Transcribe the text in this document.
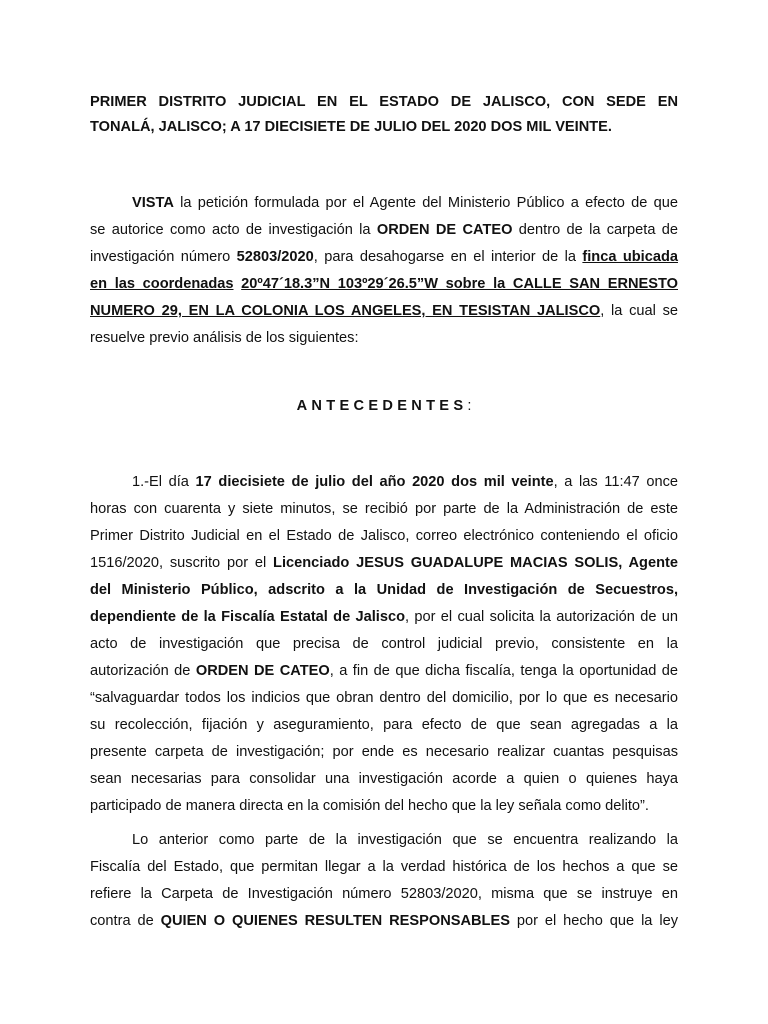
PRIMER DISTRITO JUDICIAL EN EL ESTADO DE JALISCO, CON SEDE EN
TONALÁ, JALISCO; A 17 DIECISIETE DE JULIO DEL 2020 DOS MIL VEINTE.
VISTA la petición formulada por el Agente del Ministerio Público a efecto de que
se autorice como acto de investigación la ORDEN DE CATEO dentro de la carpeta de
investigación número 52803/2020, para desahogarse en el interior de la finca ubicada
en las coordenadas 20º47´18.3”N 103º29´26.5”W sobre la CALLE SAN ERNESTO
NUMERO 29, EN LA COLONIA LOS ANGELES, EN TESISTAN JALISCO, la cual se
resuelve previo análisis de los siguientes:
ANTECEDENTES:
1.-El día 17 diecisiete de julio del año 2020 dos mil veinte, a las 11:47 once
horas con cuarenta y siete minutos, se recibió por parte de la Administración de este
Primer Distrito Judicial en el Estado de Jalisco, correo electrónico conteniendo el oficio
1516/2020, suscrito por el Licenciado JESUS GUADALUPE MACIAS SOLIS, Agente
del Ministerio Público, adscrito a la Unidad de Investigación de Secuestros,
dependiente de la Fiscalía Estatal de Jalisco, por el cual solicita la autorización de un
acto de investigación que precisa de control judicial previo, consistente en la
autorización de ORDEN DE CATEO, a fin de que dicha fiscalía, tenga la oportunidad de
“salvaguardar todos los indicios que obran dentro del domicilio, por lo que es necesario
su recolección, fijación y aseguramiento, para efecto de que sean agregadas a la
presente carpeta de investigación; por ende es necesario realizar cuantas pesquisas
sean necesarias para consolidar una investigación acorde a quien o quienes haya
participado de manera directa en la comisión del hecho que la ley señala como delito”.
Lo anterior como parte de la investigación que se encuentra realizando la
Fiscalía del Estado, que permitan llegar a la verdad histórica de los hechos a que se
refiere la Carpeta de Investigación número 52803/2020, misma que se instruye en
contra de QUIEN O QUIENES RESULTEN RESPONSABLES por el hecho que la ley
